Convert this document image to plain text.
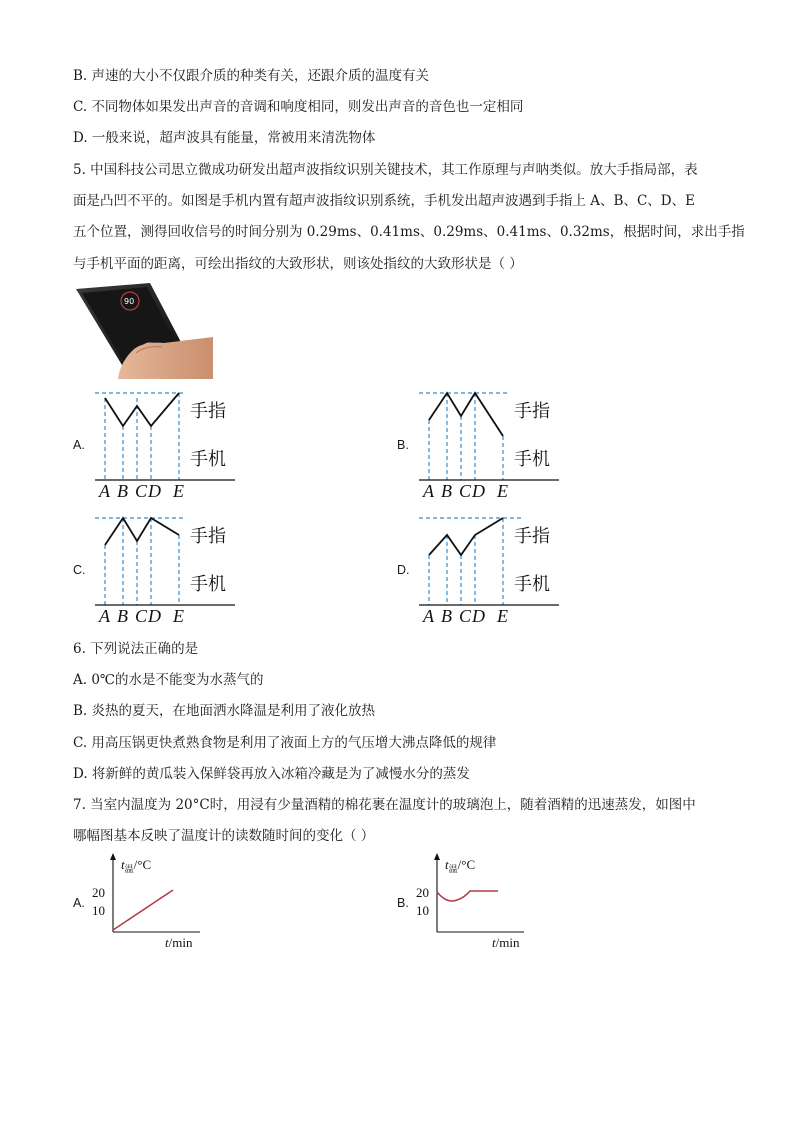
B. 声速的大小不仅跟介质的种类有关，还跟介质的温度有关
C. 不同物体如果发出声音的音调和响度相同，则发出声音的音色也一定相同
D. 一般来说，超声波具有能量，常被用来清洗物体
5. 中国科技公司思立微成功研发出超声波指纹识别关键技术，其工作原理与声呐类似。放大手指局部，表
面是凸凹不平的。如图是手机内置有超声波指纹识别系统，手机发出超声波遇到手指上 A、B、C、D、E
五个位置，测得回收信号的时间分别为 0.29ms、0.41ms、0.29ms、0.41ms、0.32ms，根据时间，求出手指
与手机平面的距离，可绘出指纹的大致形状，则该处指纹的大致形状是（ ）
90
A.
手指
手机
A B C D E
B.
手指
手机
A B C D E
C.
手指
手机
A B C D E
D.
手指
手机
A B C D E
6. 下列说法正确的是
A. 0℃的水是不能变为水蒸气的
B. 炎热的夏天，在地面洒水降温是利用了液化放热
C. 用高压锅更快煮熟食物是利用了液面上方的气压增大沸点降低的规律
D. 将新鲜的黄瓜装入保鲜袋再放入冰箱冷藏是为了减慢水分的蒸发
7. 当室内温度为 20°C时，用浸有少量酒精的棉花裹在温度计的玻璃泡上，随着酒精的迅速蒸发，如图中
哪幅图基本反映了温度计的读数随时间的变化（ ）
A.
$t_温/^\circ C$
20
10
t/min
B.
$t_温/^\circ C$
20
10
t/min
